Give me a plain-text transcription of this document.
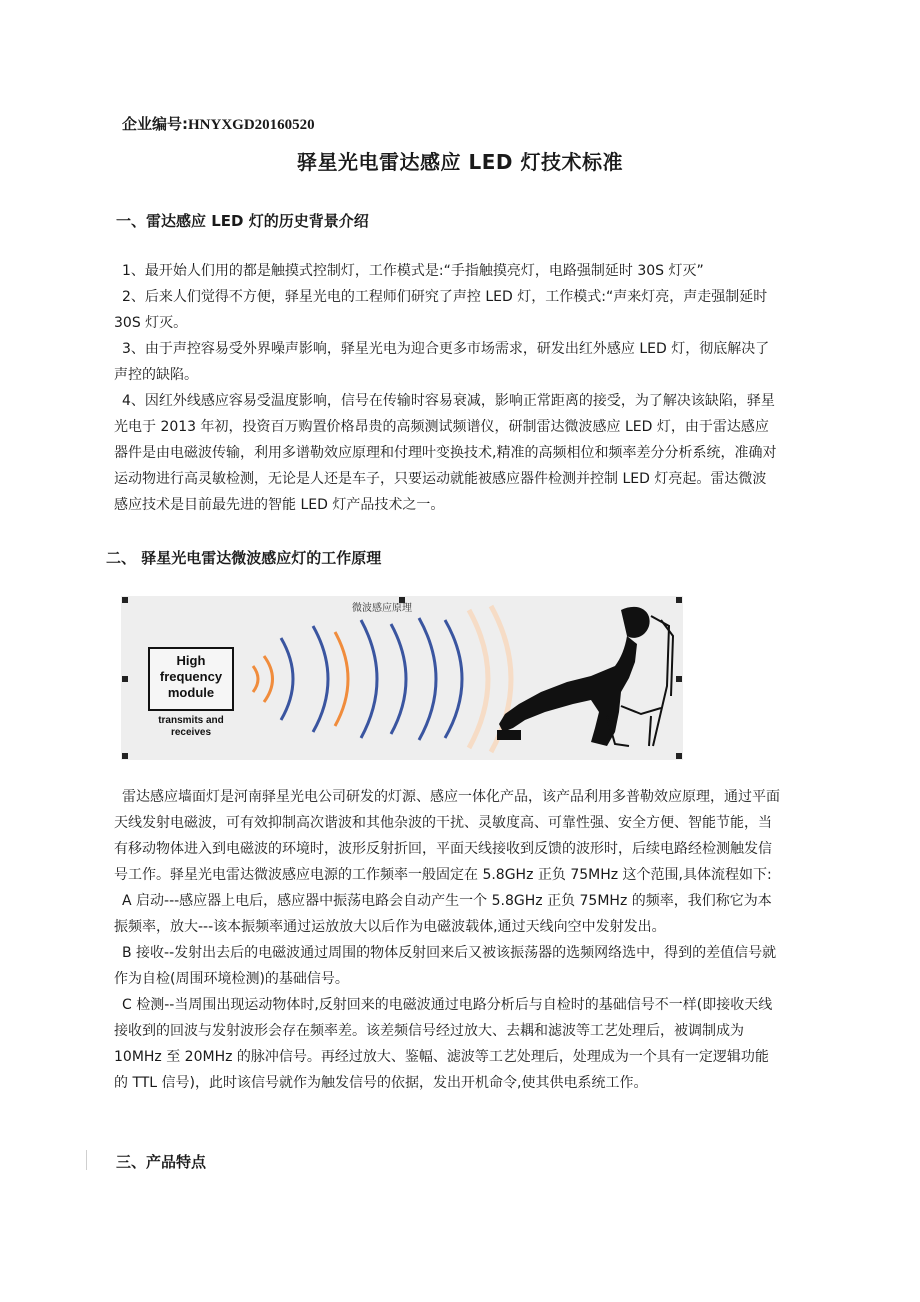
企业编号:HNYXGD20160520
驿星光电雷达感应 LED 灯技术标准
一、雷达感应 LED 灯的历史背景介绍

1、最开始人们用的都是触摸式控制灯，工作模式是:“手指触摸亮灯，电路强制延时 30S 灯灭”

2、后来人们觉得不方便，驿星光电的工程师们研究了声控 LED 灯，工作模式:“声来灯亮，声走强制延时 30S 灯灭。

3、由于声控容易受外界噪声影响，驿星光电为迎合更多市场需求，研发出红外感应 LED 灯，彻底解决了声控的缺陷。

4、因红外线感应容易受温度影响，信号在传输时容易衰减，影响正常距离的接受，为了解决该缺陷，驿星光电于 2013 年初，投资百万购置价格昂贵的高频测试频谱仪，研制雷达微波感应 LED 灯，由于雷达感应器件是由电磁波传输，利用多谱勒效应原理和付理叶变换技术,精准的高频相位和频率差分分析系统，准确对运动物进行高灵敏检测，无论是人还是车子，只要运动就能被感应器件检测并控制 LED 灯亮起。雷达微波感应技术是目前最先进的智能 LED 灯产品技术之一。

二、 驿星光电雷达微波感应灯的工作原理
微波感应原理
High
frequency
module
transmits and
receives

雷达感应墙面灯是河南驿星光电公司研发的灯源、感应一体化产品，该产品利用多普勒效应原理，通过平面天线发射电磁波，可有效抑制高次谐波和其他杂波的干扰、灵敏度高、可靠性强、安全方便、智能节能，当有移动物体进入到电磁波的环境时，波形反射折回，平面天线接收到反馈的波形时，后续电路经检测触发信号工作。驿星光电雷达微波感应电源的工作频率一般固定在 5.8GHz 正负 75MHz 这个范围,具体流程如下:

A 启动---感应器上电后，感应器中振荡电路会自动产生一个 5.8GHz 正负 75MHz 的频率，我们称它为本振频率，放大---该本振频率通过运放放大以后作为电磁波载体,通过天线向空中发射发出。

B 接收--发射出去后的电磁波通过周围的物体反射回来后又被该振荡器的选频网络选中，得到的差值信号就作为自检(周围环境检测)的基础信号。

C 检测--当周围出现运动物体时,反射回来的电磁波通过电路分析后与自检时的基础信号不一样(即接收天线接收到的回波与发射波形会存在频率差。该差频信号经过放大、去耦和滤波等工艺处理后，被调制成为 10MHz 至 20MHz 的脉冲信号。再经过放大、鉴幅、滤波等工艺处理后，处理成为一个具有一定逻辑功能的 TTL 信号)，此时该信号就作为触发信号的依据，发出开机命令,使其供电系统工作。

三、产品特点
